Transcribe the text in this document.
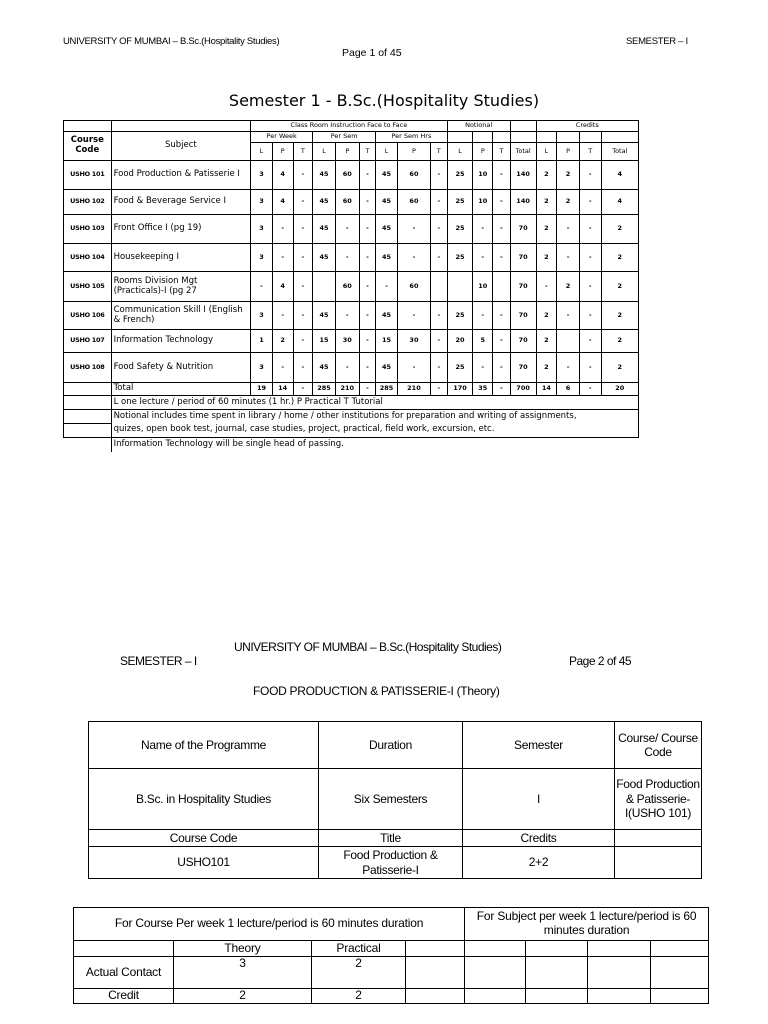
UNIVERSITY OF MUMBAI – B.Sc.(Hospitality Studies)	SEMESTER – I
Page 1 of 45
Semester 1 - B.Sc.(Hospitality Studies)
		Class Room Instruction Face to Face									Notional				Credits			
Course Code	Subject	Per Week			Per Sem			Per Sem Hrs										
		L	P	T	L	P	T	L	P	T	L	P	T	Total	L	P	T	Total
USHO 101	Food Production & Patisserie I	3	4	-	45	60	-	45	60	-	25	10	-	140	2	2	-	4
USHO 102	Food & Beverage Service I	3	4	-	45	60	-	45	60	-	25	10	-	140	2	2	-	4
USHO 103	Front Office I (pg 19)	3	-	-	45	-	-	45	-	-	25	-	-	70	2	-	-	2
USHO 104	Housekeeping I	3	-	-	45	-	-	45	-	-	25	-	-	70	2	-	-	2
USHO 105	Rooms Division Mgt (Practicals)-I (pg 27	-	4	-		60	-	-	60			10		70	-	2	-	2
USHO 106	Communication Skill I (English & French)	3	-	-	45	-	-	45	-	-	25	-	-	70	2	-	-	2
USHO 107	Information Technology	1	2	-	15	30	-	15	30	-	20	5	-	70	2		-	2
USHO 108	Food Safety & Nutrition	3	-	-	45	-	-	45	-	-	25	-	-	70	2	-	-	2
	Total	19	14	-	285	210	-	285	210	-	170	35	-	700	14	6	-	20
	L one lecture / period of 60 minutes (1 hr.) P Practical T Tutorial																	
	Notional includes time spent in library / home / other institutions for preparation and writing of assignments,																	
	quizes, open book test, journal, case studies, project, practical, field work, excursion, etc.																	
	Information Technology will be single head of passing.																	
UNIVERSITY OF MUMBAI – B.Sc.(Hospitality Studies)
SEMESTER – I	Page 2 of 45
FOOD PRODUCTION & PATISSERIE-I (Theory)
Name of the Programme	Duration	Semester	Course/ Course Code
B.Sc. in Hospitality Studies	Six Semesters	I	Food Production & Patisserie-I(USHO 101)
Course Code	Title	Credits	
USHO101	Food Production & Patisserie-I	2+2	
For Course Per week 1 lecture/period is 60 minutes duration				For Subject per week 1 lecture/period is 60 minutes duration			
	Theory	Practical					
Actual Contact	3	2					
Credit	2	2					
